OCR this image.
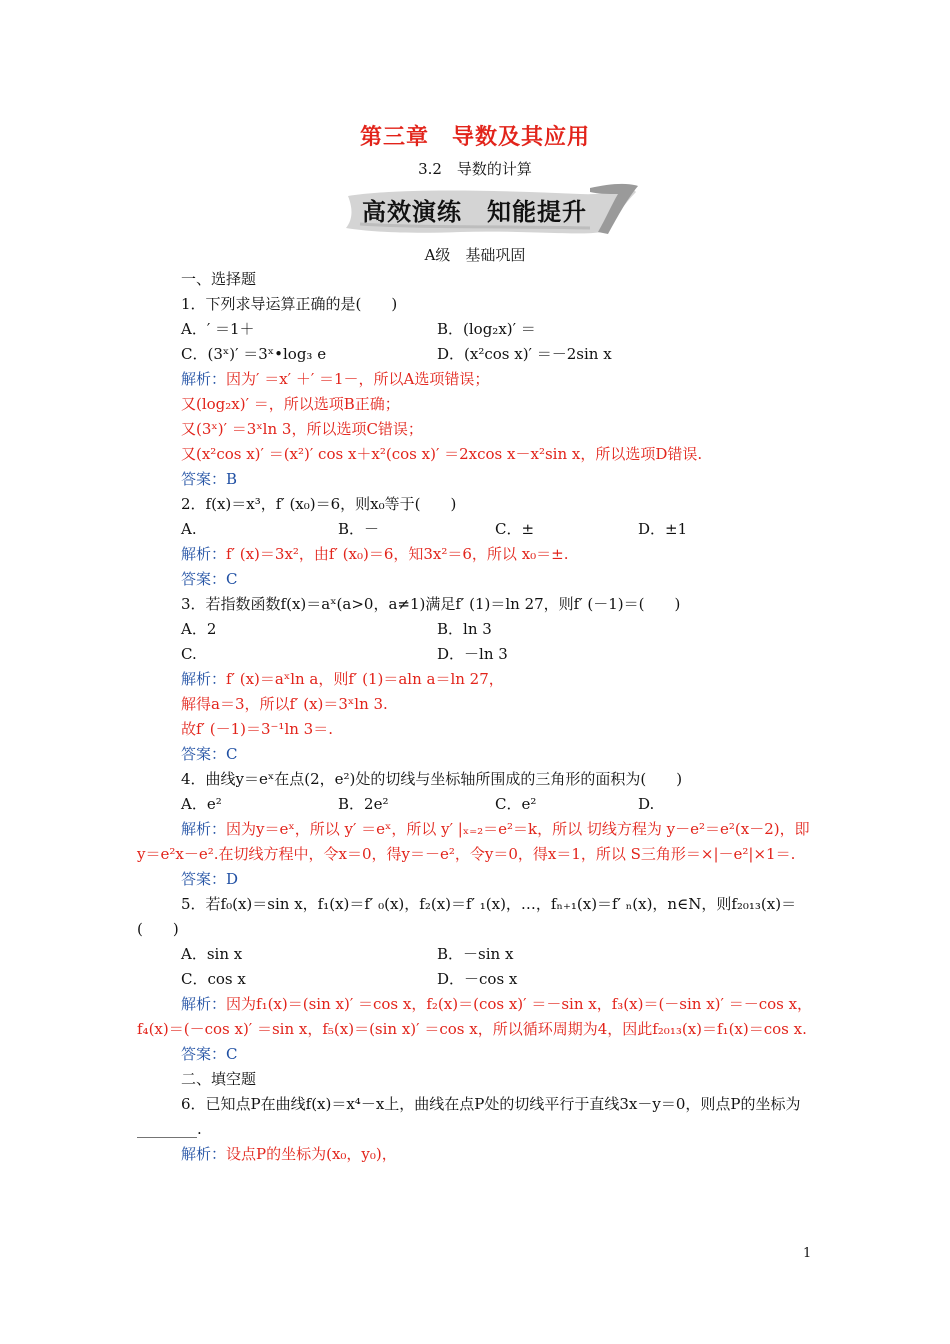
第三章　导数及其应用
3.2　导数的计算
高效演练　知能提升
A级　基础巩固
一、选择题
1．下列求导运算正确的是(　　)
A．′ ＝1＋	B．(log₂x)′ ＝
C．(3ˣ)′ ＝3ˣ•log₃ e	D．(x²cos x)′ ＝－2sin x
解析：因为′ ＝x′ ＋′ ＝1－，所以A选项错误；
又(log₂x)′ ＝，所以选项B正确；
又(3ˣ)′ ＝3ˣln 3，所以选项C错误；
又(x²cos x)′ ＝(x²)′ cos x＋x²(cos x)′ ＝2xcos x－x²sin x，所以选项D错误.
答案：B
2．f(x)＝x³，f′ (x₀)＝6，则x₀等于(　　)
A.	B．－	C．±	D．±1
解析：f′ (x)＝3x²，由f′ (x₀)＝6，知3x²＝6，所以 x₀＝±.
答案：C
3．若指数函数f(x)＝aˣ(a>0，a≠1)满足f′ (1)＝ln 27，则f′ (－1)＝(　　)
A．2	B．ln 3
C.	D．－ln 3
解析：f′ (x)＝aˣln a，则f′ (1)＝aln a＝ln 27，
解得a＝3，所以f′ (x)＝3ˣln 3.
故f′ (－1)＝3⁻¹ln 3＝.
答案：C
4．曲线y＝eˣ在点(2，e²)处的切线与坐标轴所围成的三角形的面积为(　　)
A．e²	B．2e²	C．e²	D.
解析：因为y＝eˣ，所以 y′ ＝eˣ，所以 y′ |ₓ₌₂＝e²＝k，所以 切线方程为 y－e²＝e²(x－2)，即y＝e²x－e².在切线方程中，令x＝0，得y＝－e²，令y＝0，得x＝1，所以 S三角形＝×|－e²|×1＝.
答案：D
5．若f₀(x)＝sin x，f₁(x)＝f′ ₀(x)，f₂(x)＝f′ ₁(x)，…，fₙ₊₁(x)＝f′ ₙ(x)，n∈N，则f₂₀₁₃(x)＝(　　)
A．sin x	B．－sin x
C．cos x	D．－cos x
解析：因为f₁(x)＝(sin x)′ ＝cos x，f₂(x)＝(cos x)′ ＝－sin x，f₃(x)＝(－sin x)′ ＝－cos x，f₄(x)＝(－cos x)′ ＝sin x，f₅(x)＝(sin x)′ ＝cos x，所以循环周期为4，因此f₂₀₁₃(x)＝f₁(x)＝cos x.
答案：C
二、填空题
6．已知点P在曲线f(x)＝x⁴－x上，曲线在点P处的切线平行于直线3x－y＝0，则点P的坐标为________.
解析：设点P的坐标为(x₀，y₀)，
1
